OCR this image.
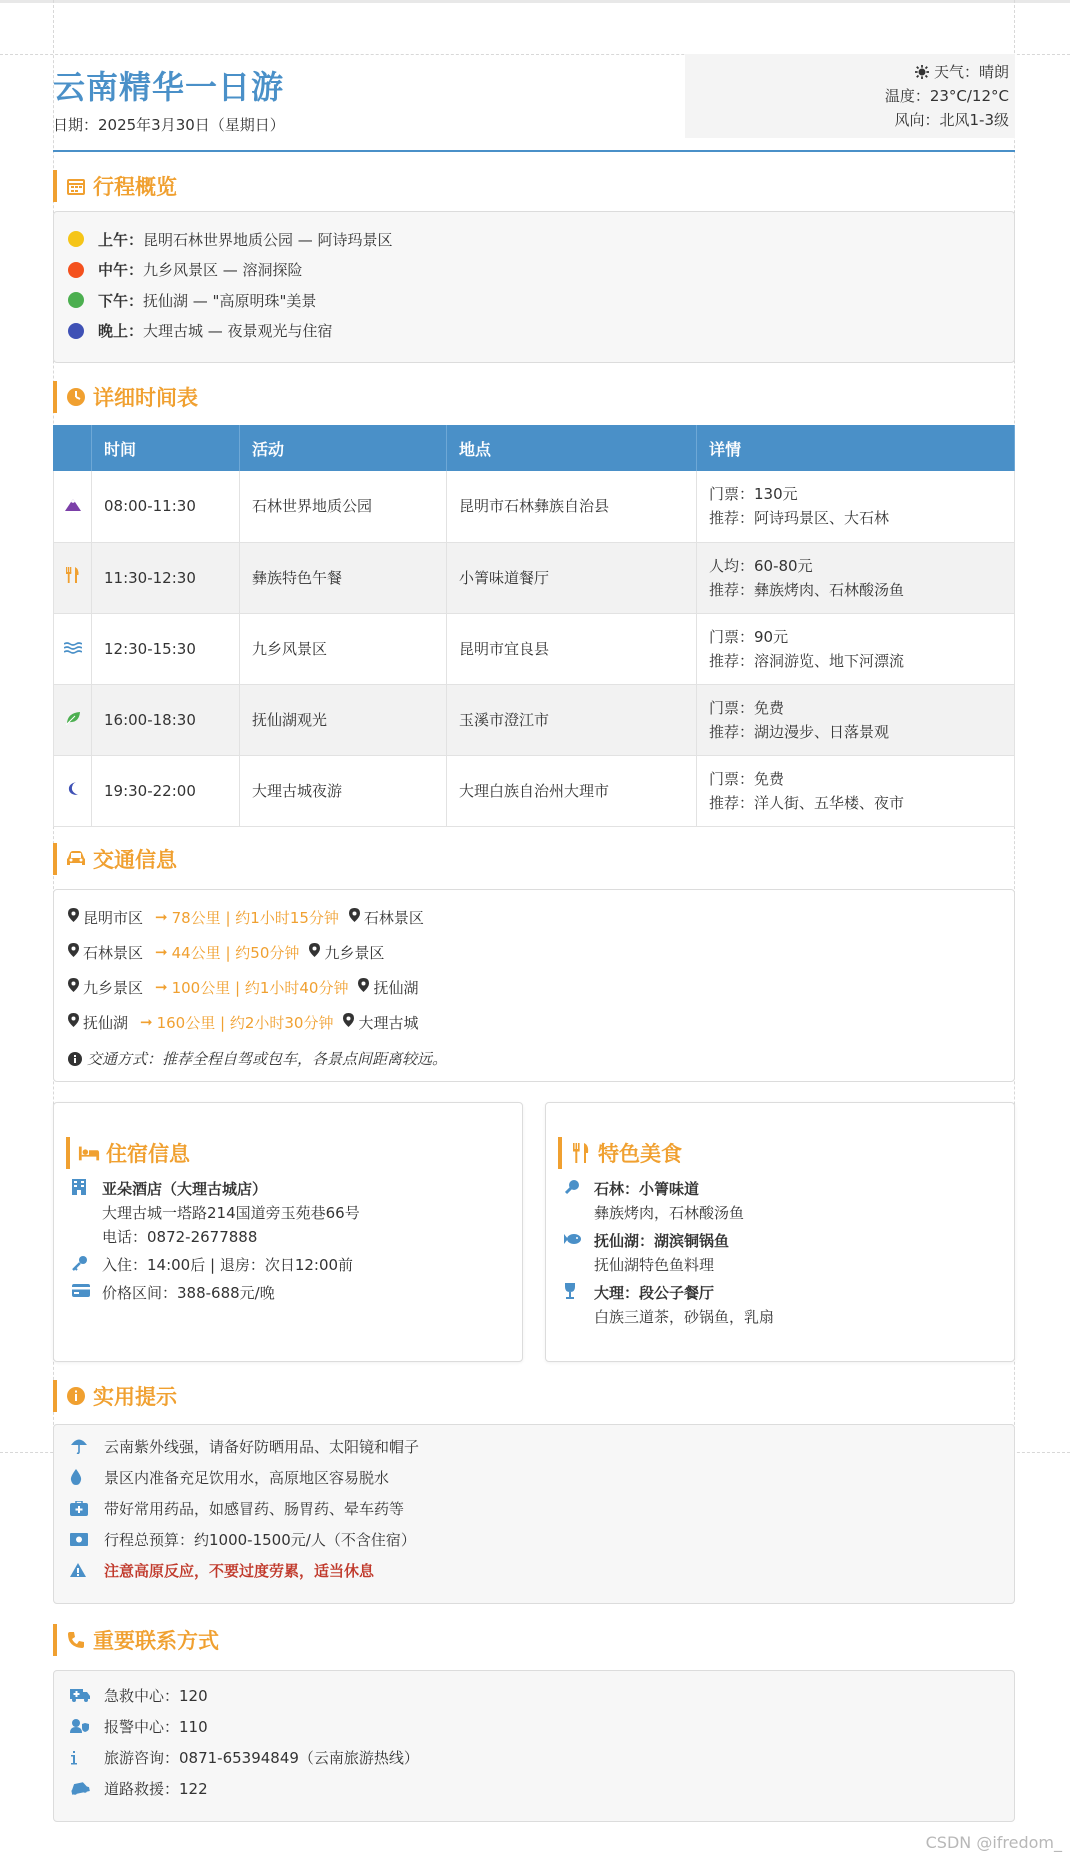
云南精华一日游
日期：2025年3月30日（星期日）
天气：晴朗
温度：23°C/12°C
风向：北风1-3级
行程概览
上午： 昆明石林世界地质公园 — 阿诗玛景区
中午： 九乡风景区 — 溶洞探险
下午： 抚仙湖 — "高原明珠"美景
晚上： 大理古城 — 夜景观光与住宿
详细时间表
	时间	活动	地点	详情
	08:00-11:30	石林世界地质公园	昆明市石林彝族自治县	门票：130元
推荐：阿诗玛景区、大石林

	11:30-12:30	彝族特色午餐	小箐味道餐厅	人均：60-80元
推荐：彝族烤肉、石林酸汤鱼

	12:30-15:30	九乡风景区	昆明市宜良县	门票：90元
推荐：溶洞游览、地下河漂流

	16:00-18:30	抚仙湖观光	玉溪市澄江市	门票：免费
推荐：湖边漫步、日落景观

	19:30-22:00	大理古城夜游	大理白族自治州大理市	门票：免费
推荐：洋人街、五华楼、夜市
交通信息
昆明市区 ➞ 78公里 | 约1小时15分钟 石林景区
石林景区 ➞ 44公里 | 约50分钟 九乡景区
九乡景区 ➞ 100公里 | 约1小时40分钟 抚仙湖
抚仙湖 ➞ 160公里 | 约2小时30分钟 大理古城
交通方式：推荐全程自驾或包车，各景点间距离较远。
住宿信息
亚朵酒店（大理古城店）
大理古城一塔路214国道旁玉苑巷66号
电话：0872-2677888
入住：14:00后 | 退房：次日12:00前
价格区间：388-688元/晚
特色美食
石林：小箐味道
彝族烤肉，石林酸汤鱼
抚仙湖：湖滨铜锅鱼
抚仙湖特色鱼料理
大理：段公子餐厅
白族三道茶，砂锅鱼，乳扇
实用提示
云南紫外线强，请备好防晒用品、太阳镜和帽子
景区内准备充足饮用水，高原地区容易脱水
带好常用药品，如感冒药、肠胃药、晕车药等
行程总预算：约1000-1500元/人（不含住宿）
注意高原反应，不要过度劳累，适当休息
重要联系方式
急救中心：120
报警中心：110
旅游咨询：0871-65394849（云南旅游热线）
道路救援：122
CSDN @ifredom_
